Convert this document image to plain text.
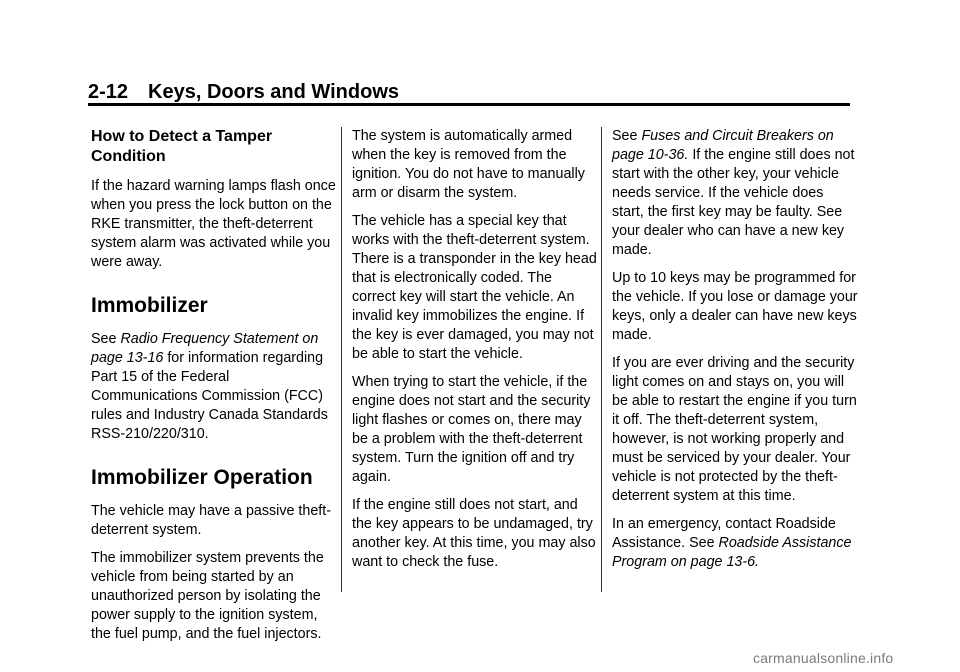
2-12 Keys, Doors and Windows
How to Detect a Tamper Condition

If the hazard warning lamps flash once when you press the lock button on the RKE transmitter, the theft-deterrent system alarm was activated while you were away.

Immobilizer

See Radio Frequency Statement on page 13-16 for information regarding Part 15 of the Federal Communications Commission (FCC) rules and Industry Canada Standards RSS-210/220/310.

Immobilizer Operation

The vehicle may have a passive theft-deterrent system.

The immobilizer system prevents the vehicle from being started by an unauthorized person by isolating the power supply to the ignition system, the fuel pump, and the fuel injectors.

The system is automatically armed when the key is removed from the ignition. You do not have to manually arm or disarm the system.

The vehicle has a special key that works with the theft-deterrent system. There is a transponder in the key head that is electronically coded. The correct key will start the vehicle. An invalid key immobilizes the engine. If the key is ever damaged, you may not be able to start the vehicle.

When trying to start the vehicle, if the engine does not start and the security light flashes or comes on, there may be a problem with the theft-deterrent system. Turn the ignition off and try again.

If the engine still does not start, and the key appears to be undamaged, try another key. At this time, you may also want to check the fuse.

See Fuses and Circuit Breakers on page 10-36. If the engine still does not start with the other key, your vehicle needs service. If the vehicle does start, the first key may be faulty. See your dealer who can have a new key made.

Up to 10 keys may be programmed for the vehicle. If you lose or damage your keys, only a dealer can have new keys made.

If you are ever driving and the security light comes on and stays on, you will be able to restart the engine if you turn it off. The theft-deterrent system, however, is not working properly and must be serviced by your dealer. Your vehicle is not protected by the theft-deterrent system at this time.

In an emergency, contact Roadside Assistance. See Roadside Assistance Program on page 13-6.

carmanualsonline.info
